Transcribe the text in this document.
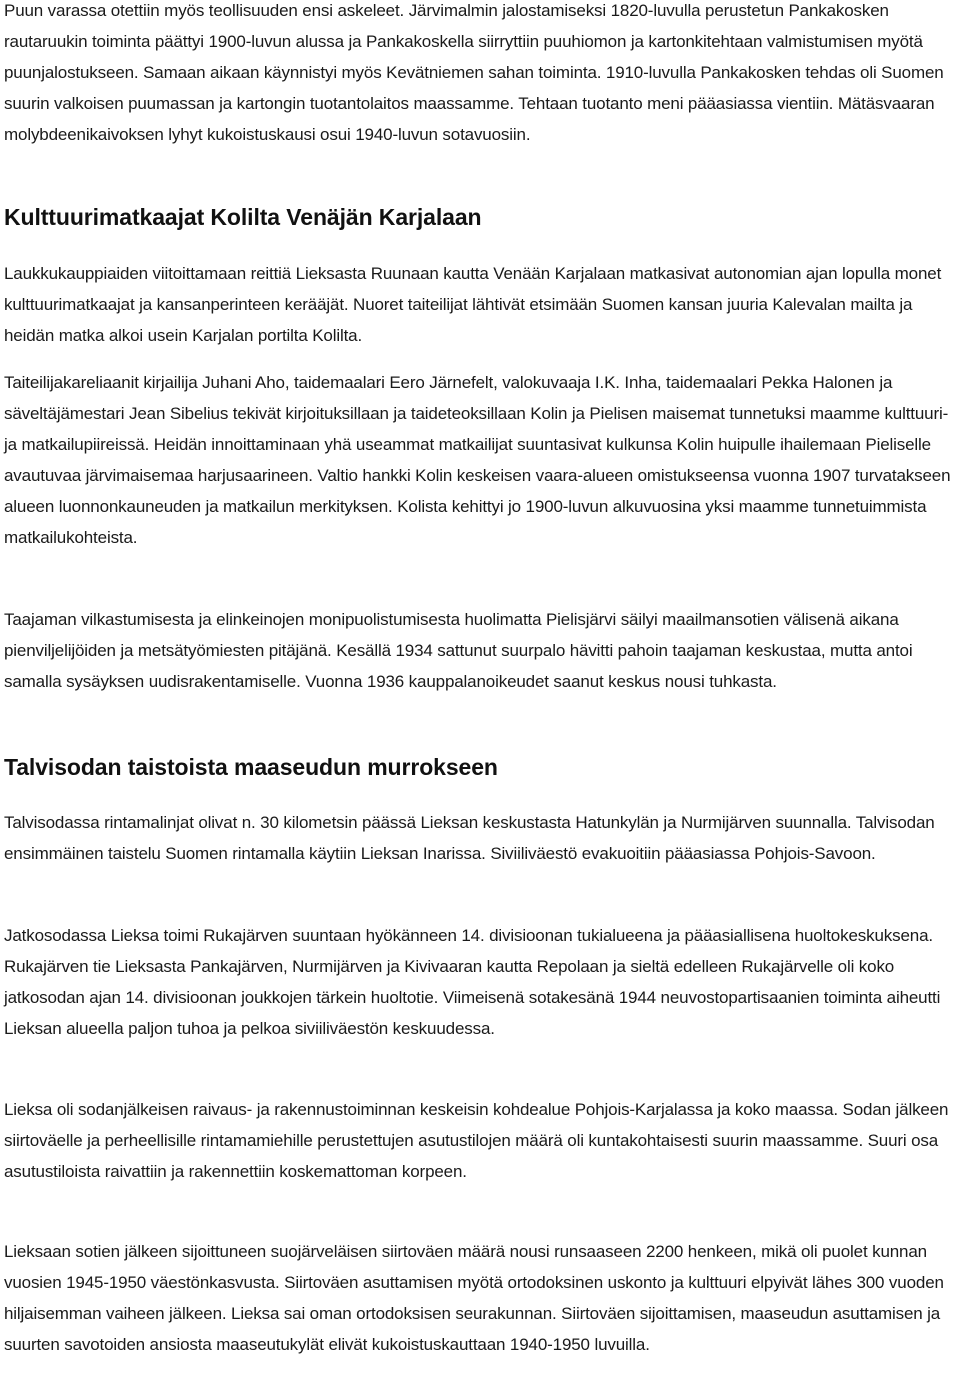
Puun varassa otettiin myös teollisuuden ensi askeleet. Järvimalmin jalostamiseksi 1820-luvulla perustetun Pankakosken rautaruukin toiminta päättyi 1900-luvun alussa ja Pankakoskella siirryttiin puuhiomon ja kartonkitehtaan valmistumisen myötä puunjalostukseen. Samaan aikaan käynnistyi myös Kevätniemen sahan toiminta. 1910-luvulla Pankakosken tehdas oli Suomen suurin valkoisen puumassan ja kartongin tuotantolaitos maassamme. Tehtaan tuotanto meni pääasiassa vientiin. Mätäsvaaran molybdeenikaivoksen lyhyt kukoistuskausi osui 1940-luvun sotavuosiin.

Kulttuurimatkaajat Kolilta Venäjän Karjalaan

Laukkukauppiaiden viitoittamaan reittiä Lieksasta Ruunaan kautta Venään Karjalaan matkasivat autonomian ajan lopulla monet kulttuurimatkaajat ja kansanperinteen kerääjät. Nuoret taiteilijat lähtivät etsimään Suomen kansan juuria Kalevalan mailta ja heidän matka alkoi usein Karjalan portilta Kolilta.

Taiteilijakareliaanit kirjailija Juhani Aho, taidemaalari Eero Järnefelt, valokuvaaja I.K. Inha, taidemaalari Pekka Halonen ja säveltäjämestari Jean Sibelius tekivät kirjoituksillaan ja taideteoksillaan Kolin ja Pielisen maisemat tunnetuksi maamme kulttuuri- ja matkailupiireissä. Heidän innoittaminaan yhä useammat matkailijat suuntasivat kulkunsa Kolin huipulle ihailemaan Pieliselle avautuvaa järvimaisemaa harjusaarineen. Valtio hankki Kolin keskeisen vaara-alueen omistukseensa vuonna 1907 turvatakseen alueen luonnonkauneuden ja matkailun merkityksen. Kolista kehittyi jo 1900-luvun alkuvuosina yksi maamme tunnetuimmista matkailukohteista.

Taajaman vilkastumisesta ja elinkeinojen monipuolistumisesta huolimatta Pielisjärvi säilyi maailmansotien välisenä aikana pienviljelijöiden ja metsätyömiesten pitäjänä. Kesällä 1934 sattunut suurpalo hävitti pahoin taajaman keskustaa, mutta antoi samalla sysäyksen uudisrakentamiselle. Vuonna 1936 kauppalanoikeudet saanut keskus nousi tuhkasta.

Talvisodan taistoista maaseudun murrokseen

Talvisodassa rintamalinjat olivat n. 30 kilometsin päässä Lieksan keskustasta Hatunkylän ja Nurmijärven suunnalla. Talvisodan ensimmäinen taistelu Suomen rintamalla käytiin Lieksan Inarissa. Siviiliväestö evakuoitiin pääasiassa Pohjois-Savoon.

Jatkosodassa Lieksa toimi Rukajärven suuntaan hyökänneen 14. divisioonan tukialueena ja pääasiallisena huoltokeskuksena. Rukajärven tie Lieksasta Pankajärven, Nurmijärven ja Kivivaaran kautta Repolaan ja sieltä edelleen Rukajärvelle oli koko jatkosodan ajan 14. divisioonan joukkojen tärkein huoltotie. Viimeisenä sotakesänä 1944 neuvostopartisaanien toiminta aiheutti Lieksan alueella paljon tuhoa ja pelkoa siviiliväestön keskuudessa.

Lieksa oli sodanjälkeisen raivaus- ja rakennustoiminnan keskeisin kohdealue Pohjois-Karjalassa ja koko maassa. Sodan jälkeen siirtoväelle ja perheellisille rintamamiehille perustettujen asutustilojen määrä oli kuntakohtaisesti suurin maassamme. Suuri osa asutustiloista raivattiin ja rakennettiin koskemattoman korpeen.

Lieksaan sotien jälkeen sijoittuneen suojärveläisen siirtoväen määrä nousi runsaaseen 2200 henkeen, mikä oli puolet kunnan vuosien 1945-1950 väestönkasvusta. Siirtoväen asuttamisen myötä ortodoksinen uskonto ja kulttuuri elpyivät lähes 300 vuoden hiljaisemman vaiheen jälkeen. Lieksa sai oman ortodoksisen seurakunnan. Siirtoväen sijoittamisen, maaseudun asuttamisen ja suurten savotoiden ansiosta maaseutukylät elivät kukoistuskauttaan 1940-1950 luvuilla.
